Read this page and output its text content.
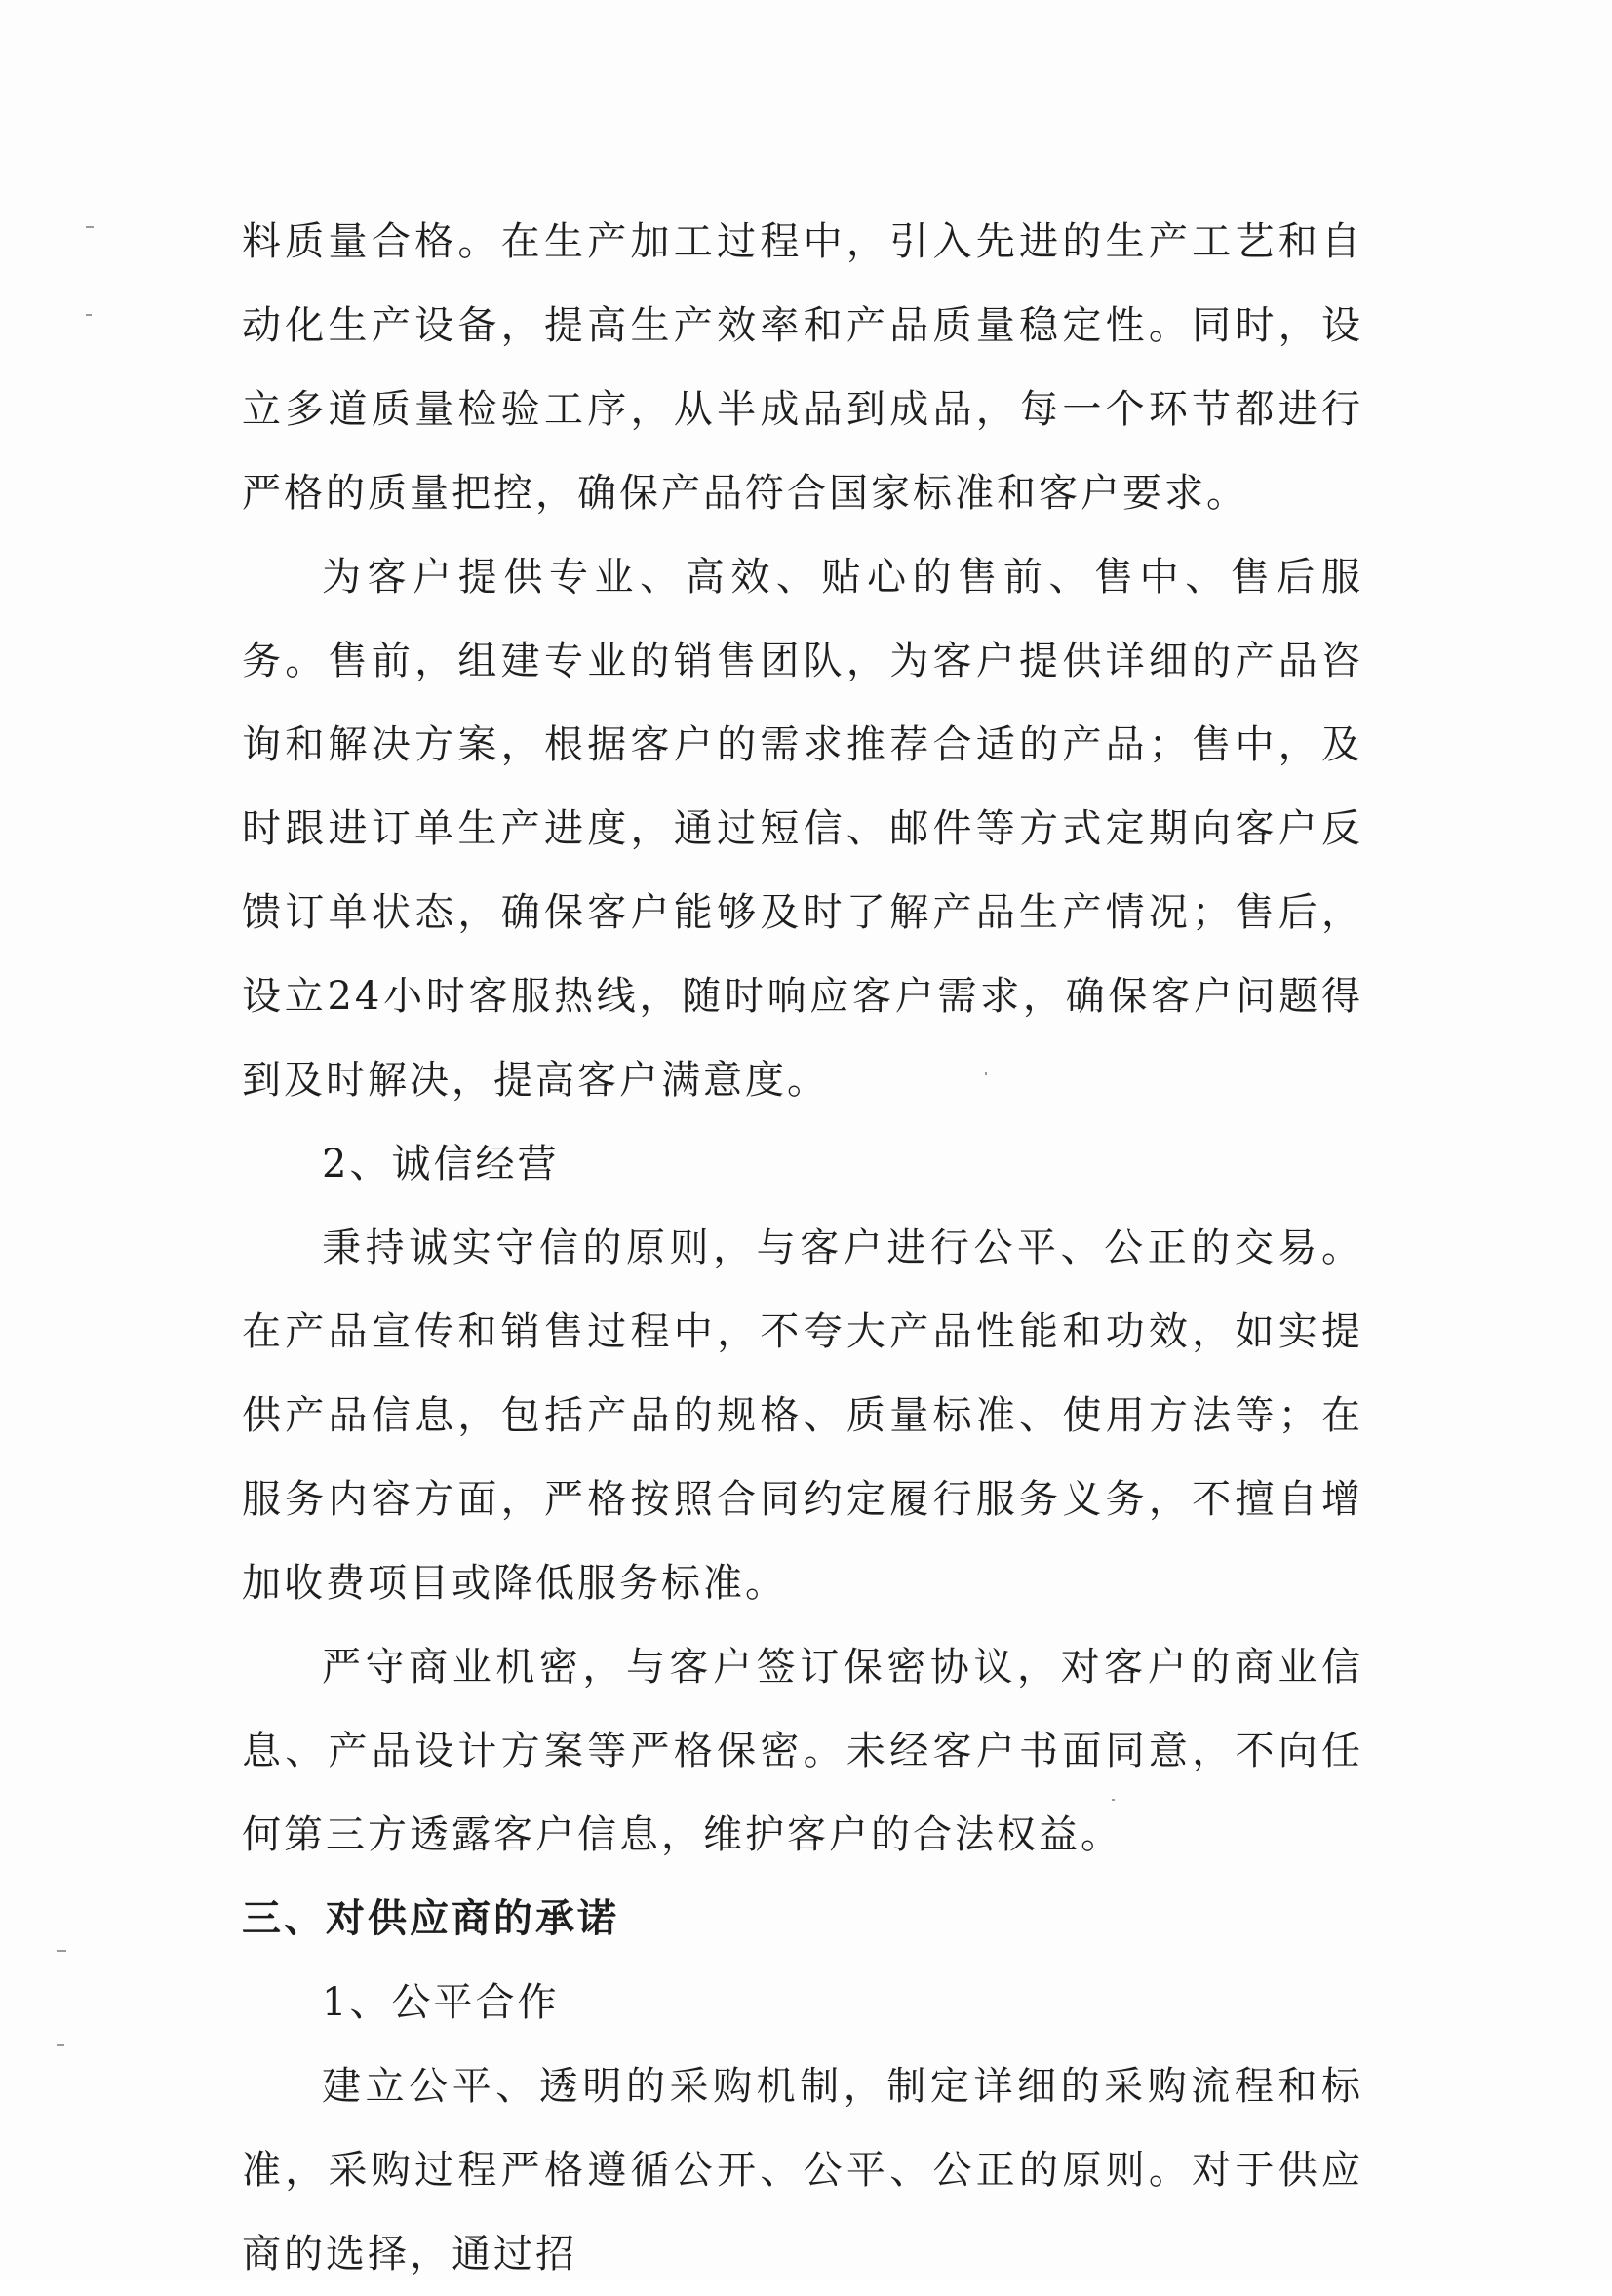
料质量合格。在生产加工过程中，引入先进的生产工艺和自动化生产设备，提高生产效率和产品质量稳定性。同时，设立多道质量检验工序，从半成品到成品，每一个环节都进行严格的质量把控，确保产品符合国家标准和客户要求。

为客户提供专业、高效、贴心的售前、售中、售后服务。售前，组建专业的销售团队，为客户提供详细的产品咨询和解决方案，根据客户的需求推荐合适的产品；售中，及时跟进订单生产进度，通过短信、邮件等方式定期向客户反馈订单状态，确保客户能够及时了解产品生产情况；售后，设立24小时客服热线，随时响应客户需求，确保客户问题得到及时解决，提高客户满意度。

2、诚信经营

秉持诚实守信的原则，与客户进行公平、公正的交易。在产品宣传和销售过程中，不夸大产品性能和功效，如实提供产品信息，包括产品的规格、质量标准、使用方法等；在服务内容方面，严格按照合同约定履行服务义务，不擅自增加收费项目或降低服务标准。

严守商业机密，与客户签订保密协议，对客户的商业信息、产品设计方案等严格保密。未经客户书面同意，不向任何第三方透露客户信息，维护客户的合法权益。

三、对供应商的承诺

1、公平合作

建立公平、透明的采购机制，制定详细的采购流程和标准，采购过程严格遵循公开、公平、公正的原则。对于供应商的选择，通过招
